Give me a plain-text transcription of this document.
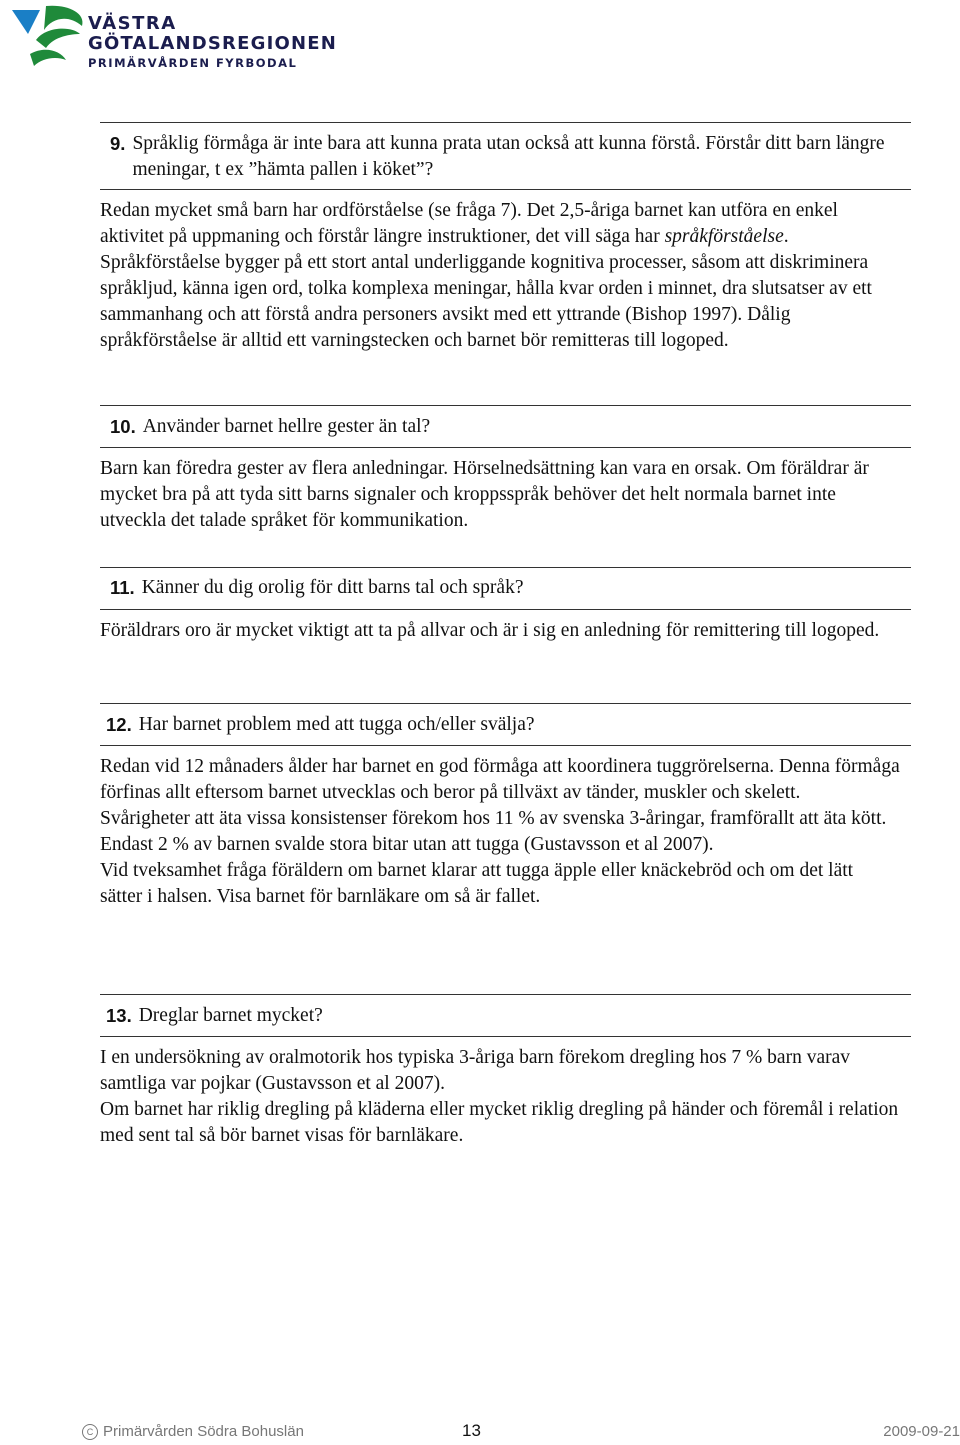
VÄSTRA
GÖTALANDSREGIONEN
PRIMÄRVÅRDEN FYRBODAL
9. Språklig förmåga är inte bara att kunna prata utan också att kunna förstå. Förstår ditt barn längre meningar, t ex ”hämta pallen i köket”?

Redan mycket små barn har ordförståelse (se fråga 7). Det 2,5-åriga barnet kan utföra en enkel aktivitet på uppmaning och förstår längre instruktioner, det vill säga har språkförståelse. Språkförståelse bygger på ett stort antal underliggande kognitiva processer, såsom att diskriminera språkljud, känna igen ord, tolka komplexa meningar, hålla kvar orden i minnet, dra slutsatser av ett sammanhang och att förstå andra personers avsikt med ett yttrande (Bishop 1997). Dålig språkförståelse är alltid ett varningstecken och barnet bör remitteras till logoped.

10. Använder barnet hellre gester än tal?

Barn kan föredra gester av flera anledningar. Hörselnedsättning kan vara en orsak. Om föräldrar är mycket bra på att tyda sitt barns signaler och kroppsspråk behöver det helt normala barnet inte utveckla det talade språket för kommunikation.

11. Känner du dig orolig för ditt barns tal och språk?

Föräldrars oro är mycket viktigt att ta på allvar och är i sig en anledning för remittering till logoped.

12. Har barnet problem med att tugga och/eller svälja?

Redan vid 12 månaders ålder har barnet en god förmåga att koordinera tuggrörelserna. Denna förmåga förfinas allt eftersom barnet utvecklas och beror på tillväxt av tänder, muskler och skelett.

Svårigheter att äta vissa konsistenser förekom hos 11 % av svenska 3-åringar, framförallt att äta kött. Endast 2 % av barnen svalde stora bitar utan att tugga (Gustavsson et al 2007).

Vid tveksamhet fråga föräldern om barnet klarar att tugga äpple eller knäckebröd och om det lätt sätter i halsen. Visa barnet för barnläkare om så är fallet.

13. Dreglar barnet mycket?

I en undersökning av oralmotorik hos typiska 3-åriga barn förekom dregling hos 7 % barn varav samtliga var pojkar (Gustavsson et al 2007).

Om barnet har riklig dregling på kläderna eller mycket riklig dregling på händer och föremål i relation med sent tal så bör barnet visas för barnläkare.

C Primärvården Södra Bohuslän	13	2009-09-21
